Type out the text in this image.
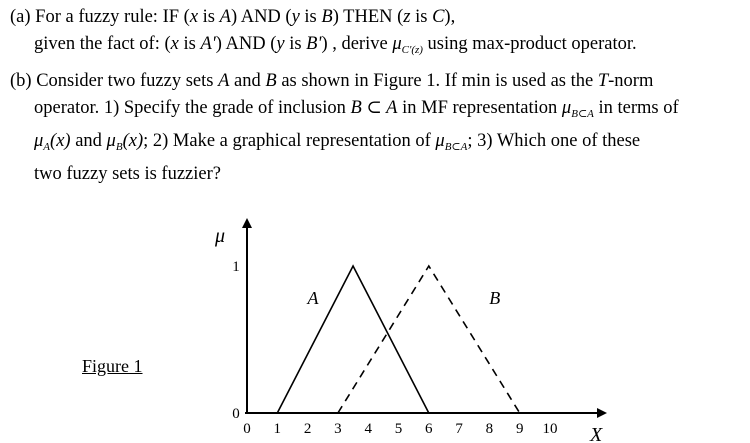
(a) For a fuzzy rule: IF (x is A) AND (y is B) THEN (z is C),
given the fact of: (x is A') AND (y is B') , derive $\mu_{C'(z)}$ using max-product operator.
(b) Consider two fuzzy sets A and B as shown in Figure 1. If min is used as the T-norm
operator. 1) Specify the grade of inclusion B ⊂ A in MF representation $\mu_{B\subset A}$ in terms of
$\mu_A(x)$ and $\mu_B(x)$; 2) Make a graphical representation of $\mu_{B\subset A}$; 3) Which one of these
two fuzzy sets is fuzzier?
Figure 1
μ
X
0 1 2 3 4 5 6 7 8 9 10
0
1
A	B
